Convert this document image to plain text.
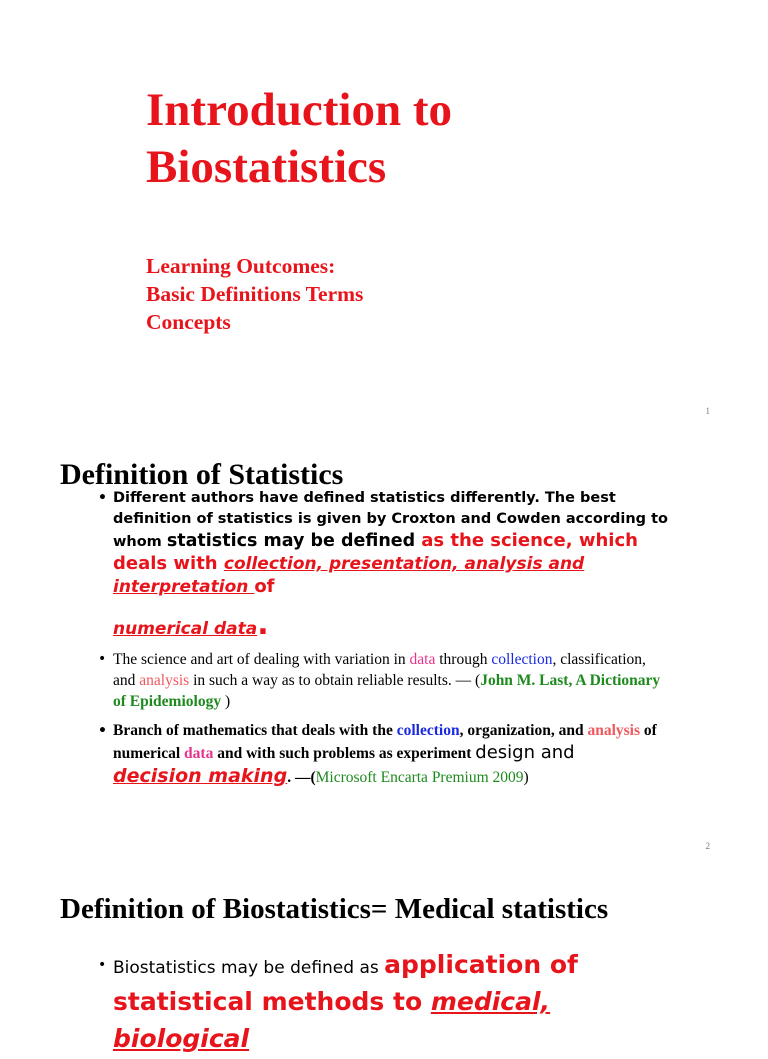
Introduction to
Biostatistics
Learning Outcomes:
Basic Definitions Terms
Concepts
1
Definition of Statistics
• Different authors have defined statistics differently. The best definition of statistics is given by Croxton and Cowden according to whom statistics may be defined as the science, which deals with collection, presentation, analysis and interpretation of
numerical data.
• The science and art of dealing with variation in data through collection, classification, and analysis in such a way as to obtain reliable results. — (John M. Last, A Dictionary of Epidemiology )
• Branch of mathematics that deals with the collection, organization, and analysis of numerical data and with such problems as experiment design and decision making. —(Microsoft Encarta Premium 2009)
2
Definition of Biostatistics= Medical statistics
• Biostatistics may be defined as application of statistical methods to medical, biological
